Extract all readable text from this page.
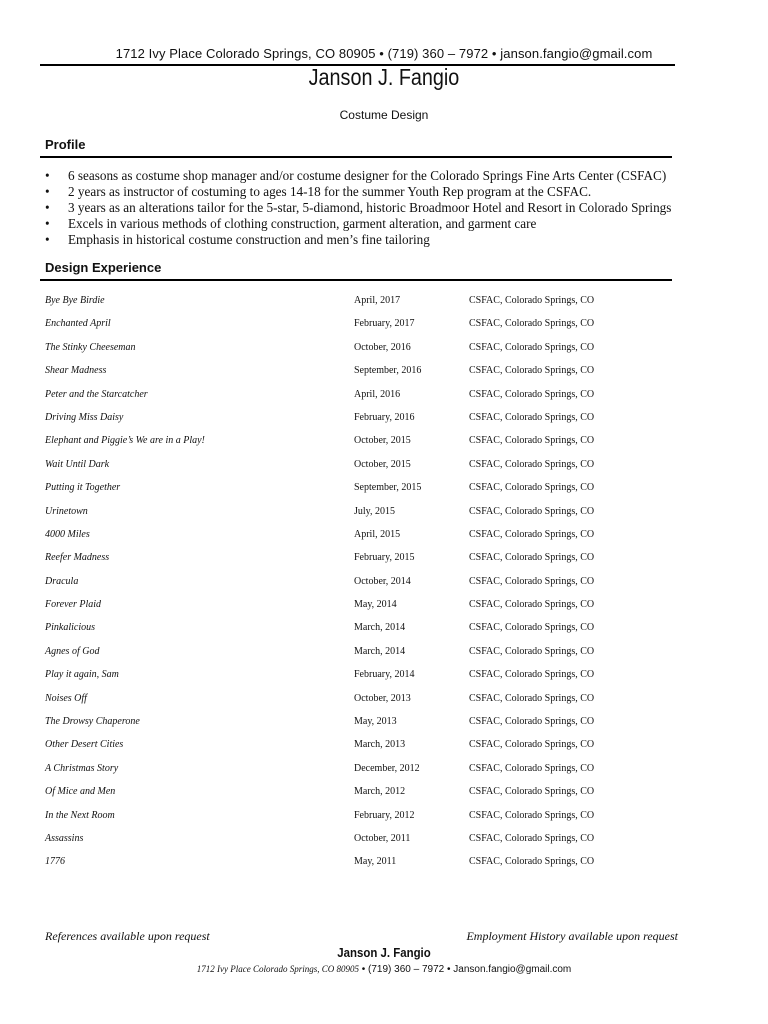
1712 Ivy Place Colorado Springs, CO 80905 • (719) 360 – 7972 • janson.fangio@gmail.com
Janson J. Fangio
Costume Design
Profile
• 6 seasons as costume shop manager and/or costume designer for the Colorado Springs Fine Arts Center (CSFAC)
• 2 years as instructor of costuming to ages 14-18 for the summer Youth Rep program at the CSFAC.
• 3 years as an alterations tailor for the 5-star, 5-diamond, historic Broadmoor Hotel and Resort in Colorado Springs
• Excels in various methods of clothing construction, garment alteration, and garment care
• Emphasis in historical costume construction and men’s fine tailoring
Design Experience
Bye Bye Birdie	April, 2017	CSFAC, Colorado Springs, CO
Enchanted April	February, 2017	CSFAC, Colorado Springs, CO
The Stinky Cheeseman	October, 2016	CSFAC, Colorado Springs, CO
Shear Madness	September, 2016	CSFAC, Colorado Springs, CO
Peter and the Starcatcher	April, 2016	CSFAC, Colorado Springs, CO
Driving Miss Daisy	February, 2016	CSFAC, Colorado Springs, CO
Elephant and Piggie’s We are in a Play!	October, 2015	CSFAC, Colorado Springs, CO
Wait Until Dark	October, 2015	CSFAC, Colorado Springs, CO
Putting it Together	September, 2015	CSFAC, Colorado Springs, CO
Urinetown	July, 2015	CSFAC, Colorado Springs, CO
4000 Miles	April, 2015	CSFAC, Colorado Springs, CO
Reefer Madness	February, 2015	CSFAC, Colorado Springs, CO
Dracula	October, 2014	CSFAC, Colorado Springs, CO
Forever Plaid	May, 2014	CSFAC, Colorado Springs, CO
Pinkalicious	March, 2014	CSFAC, Colorado Springs, CO
Agnes of God	March, 2014	CSFAC, Colorado Springs, CO
Play it again, Sam	February, 2014	CSFAC, Colorado Springs, CO
Noises Off	October, 2013	CSFAC, Colorado Springs, CO
The Drowsy Chaperone	May, 2013	CSFAC, Colorado Springs, CO
Other Desert Cities	March, 2013	CSFAC, Colorado Springs, CO
A Christmas Story	December, 2012	CSFAC, Colorado Springs, CO
Of Mice and Men	March, 2012	CSFAC, Colorado Springs, CO
In the Next Room	February, 2012	CSFAC, Colorado Springs, CO
Assassins	October, 2011	CSFAC, Colorado Springs, CO
1776	May, 2011	CSFAC, Colorado Springs, CO
References available upon request	Employment History available upon request
Janson J. Fangio
1712 Ivy Place Colorado Springs, CO 80905 • (719) 360 – 7972 • Janson.fangio@gmail.com
